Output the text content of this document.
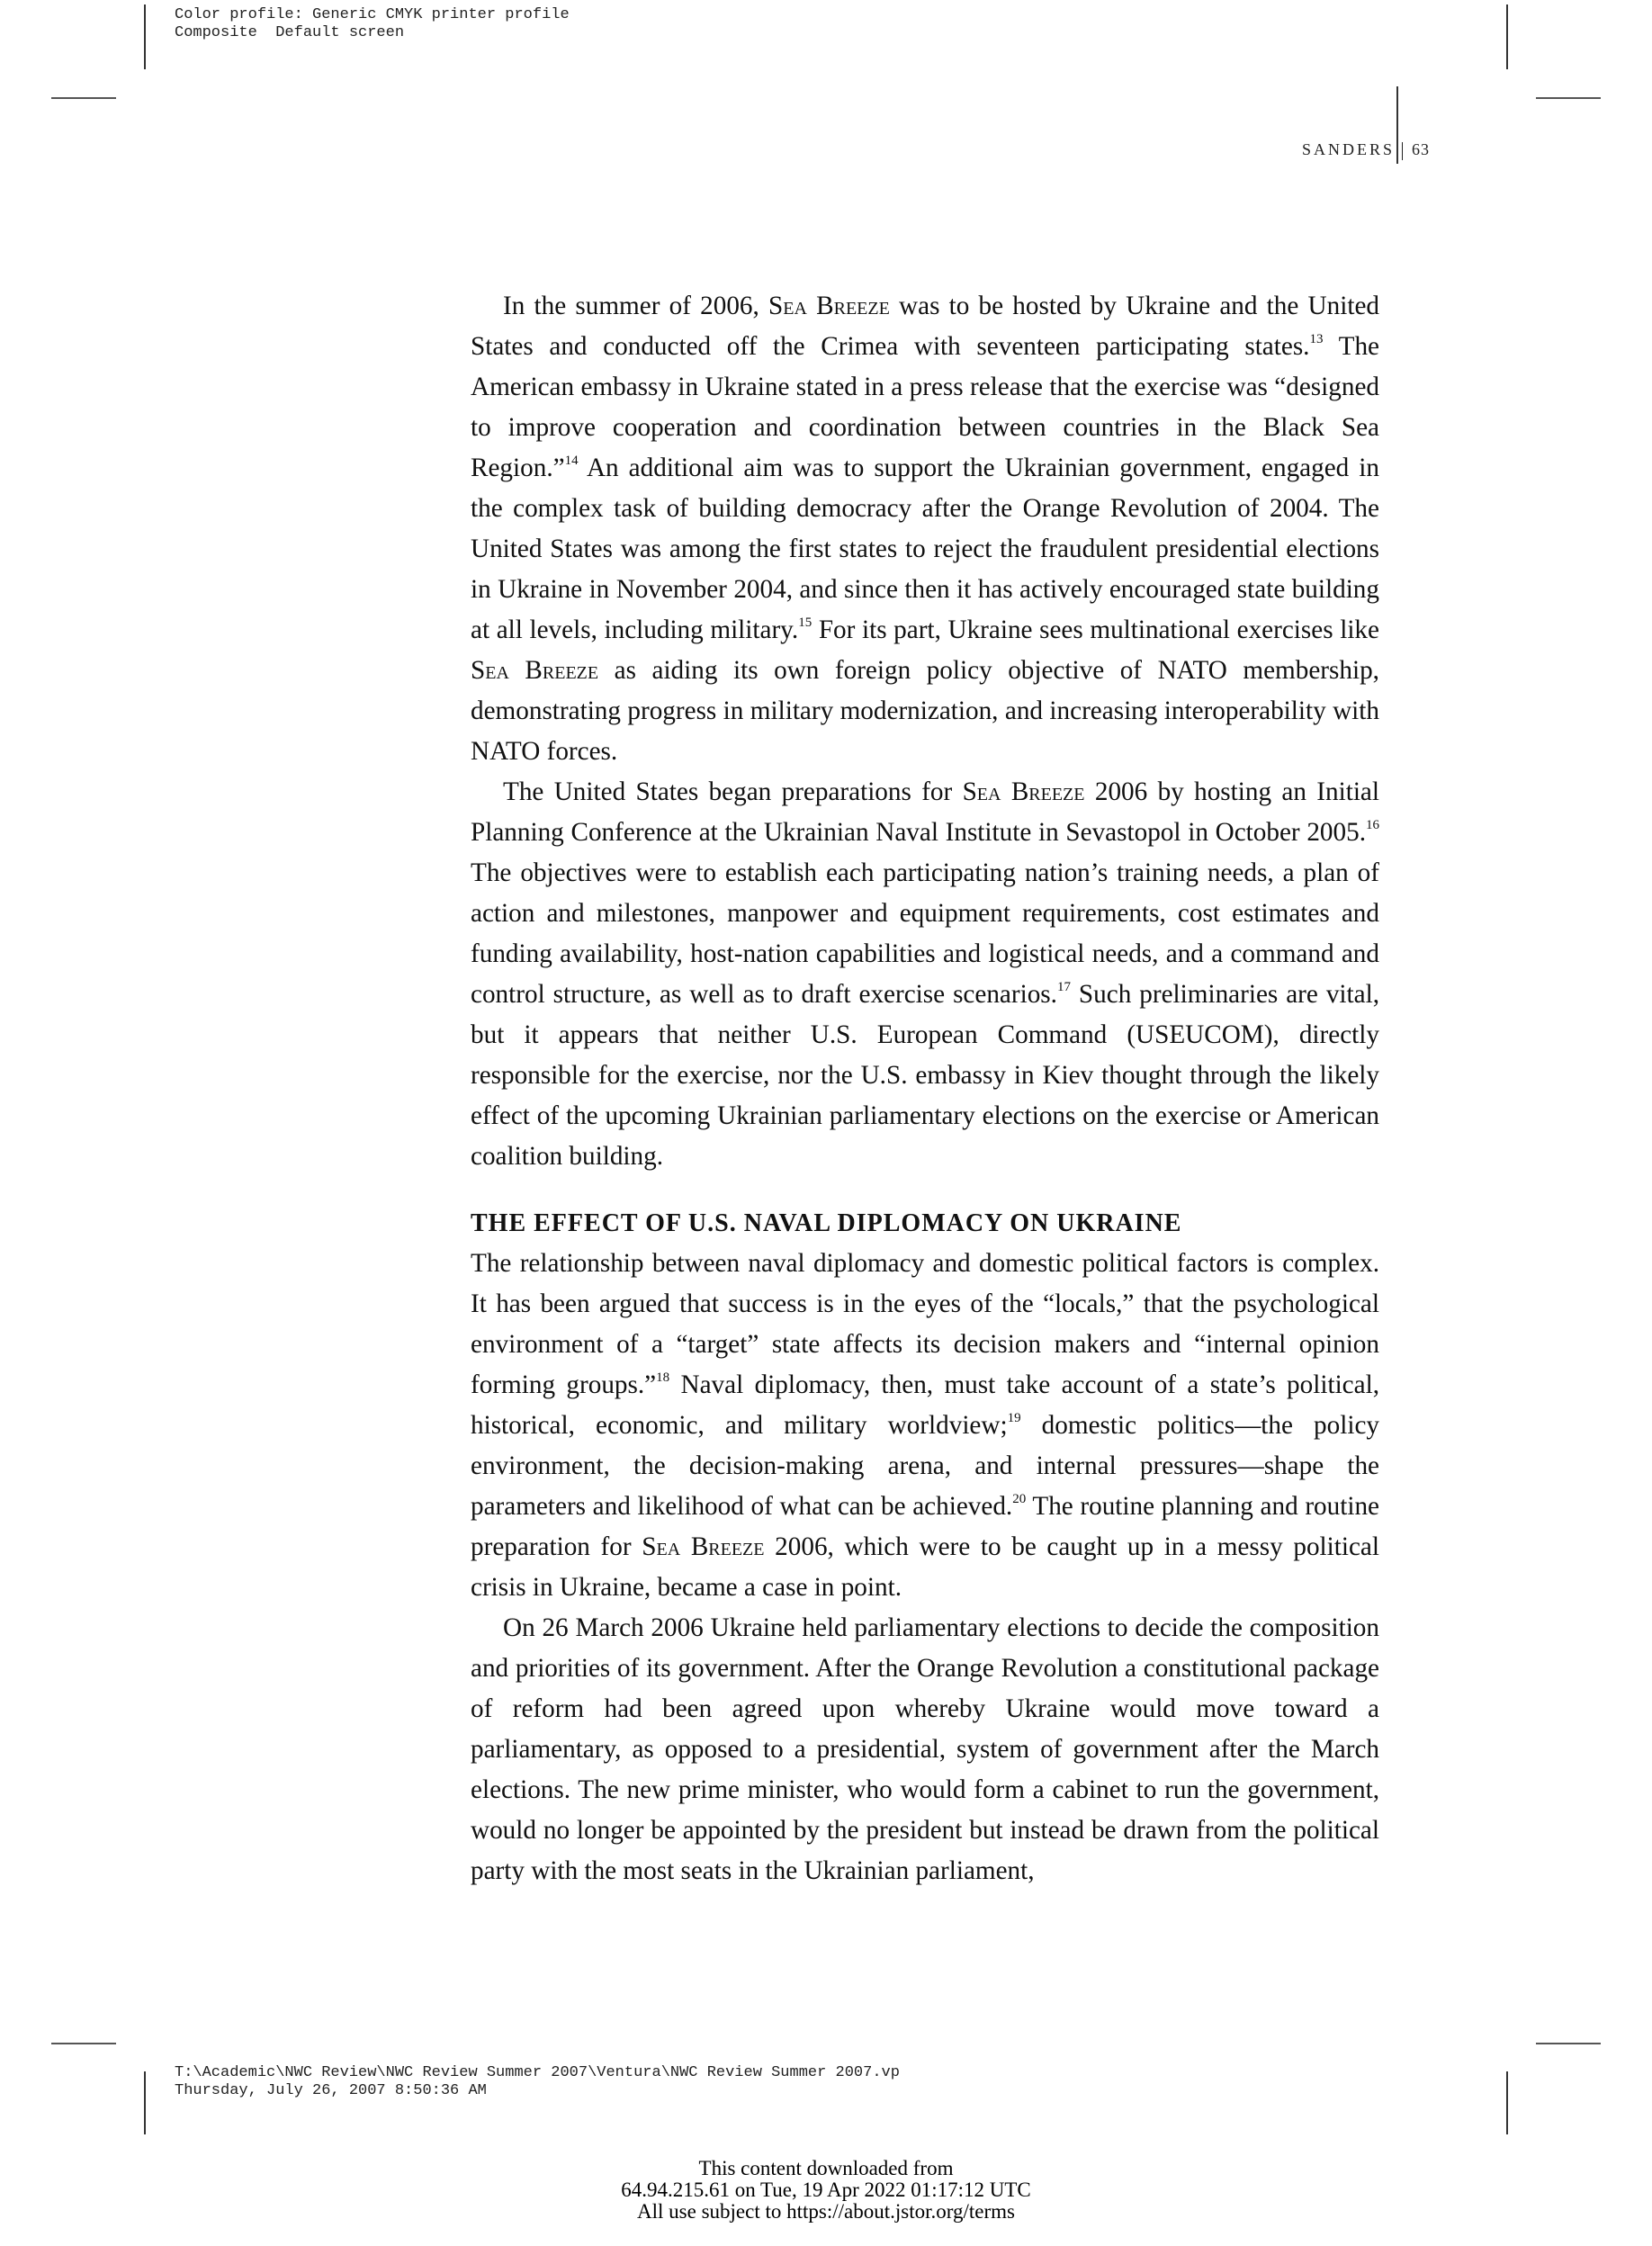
Color profile: Generic CMYK printer profile
Composite  Default screen
SANDERS 63

In the summer of 2006, Sea Breeze was to be hosted by Ukraine and the United States and conducted off the Crimea with seventeen participating states.$^{13}$ The American embassy in Ukraine stated in a press release that the exercise was “designed to improve cooperation and coordination between countries in the Black Sea Region.”$^{14}$ An additional aim was to support the Ukrainian government, engaged in the complex task of building democracy after the Orange Revolution of 2004. The United States was among the first states to reject the fraudulent presidential elections in Ukraine in November 2004, and since then it has actively encouraged state building at all levels, including military.$^{15}$ For its part, Ukraine sees multinational exercises like Sea Breeze as aiding its own foreign policy objective of NATO membership, demonstrating progress in military modernization, and increasing interoperability with NATO forces.

The United States began preparations for Sea Breeze 2006 by hosting an Initial Planning Conference at the Ukrainian Naval Institute in Sevastopol in October 2005.16 The objectives were to establish each participating nation’s training needs, a plan of action and milestones, manpower and equipment requirements, cost estimates and funding availability, host-nation capabilities and logistical needs, and a command and control structure, as well as to draft exercise scenarios.$^{17}$ Such preliminaries are vital, but it appears that neither U.S. European Command (USEUCOM), directly responsible for the exercise, nor the U.S. embassy in Kiev thought through the likely effect of the upcoming Ukrainian parliamentary elections on the exercise or American coalition building.

THE EFFECT OF U.S. NAVAL DIPLOMACY ON UKRAINE

The relationship between naval diplomacy and domestic political factors is complex. It has been argued that success is in the eyes of the “locals,” that the psychological environment of a “target” state affects its decision makers and “internal opinion forming groups.”$^{18}$ Naval diplomacy, then, must take account of a state’s political, historical, economic, and military worldview;$^{19}$ domestic politics—the policy environment, the decision-making arena, and internal pressures—shape the parameters and likelihood of what can be achieved.$^{20}$ The routine planning and routine preparation for Sea Breeze 2006, which were to be caught up in a messy political crisis in Ukraine, became a case in point.

On 26 March 2006 Ukraine held parliamentary elections to decide the composition and priorities of its government. After the Orange Revolution a constitutional package of reform had been agreed upon whereby Ukraine would move toward a parliamentary, as opposed to a presidential, system of government after the March elections. The new prime minister, who would form a cabinet to run the government, would no longer be appointed by the president but instead be drawn from the political party with the most seats in the Ukrainian parliament,

T:\Academic\NWC Review\NWC Review Summer 2007\Ventura\NWC Review Summer 2007.vp
Thursday, July 26, 2007 8:50:36 AM
This content downloaded from
64.94.215.61 on Tue, 19 Apr 2022 01:17:12 UTC
All use subject to https://about.jstor.org/terms
